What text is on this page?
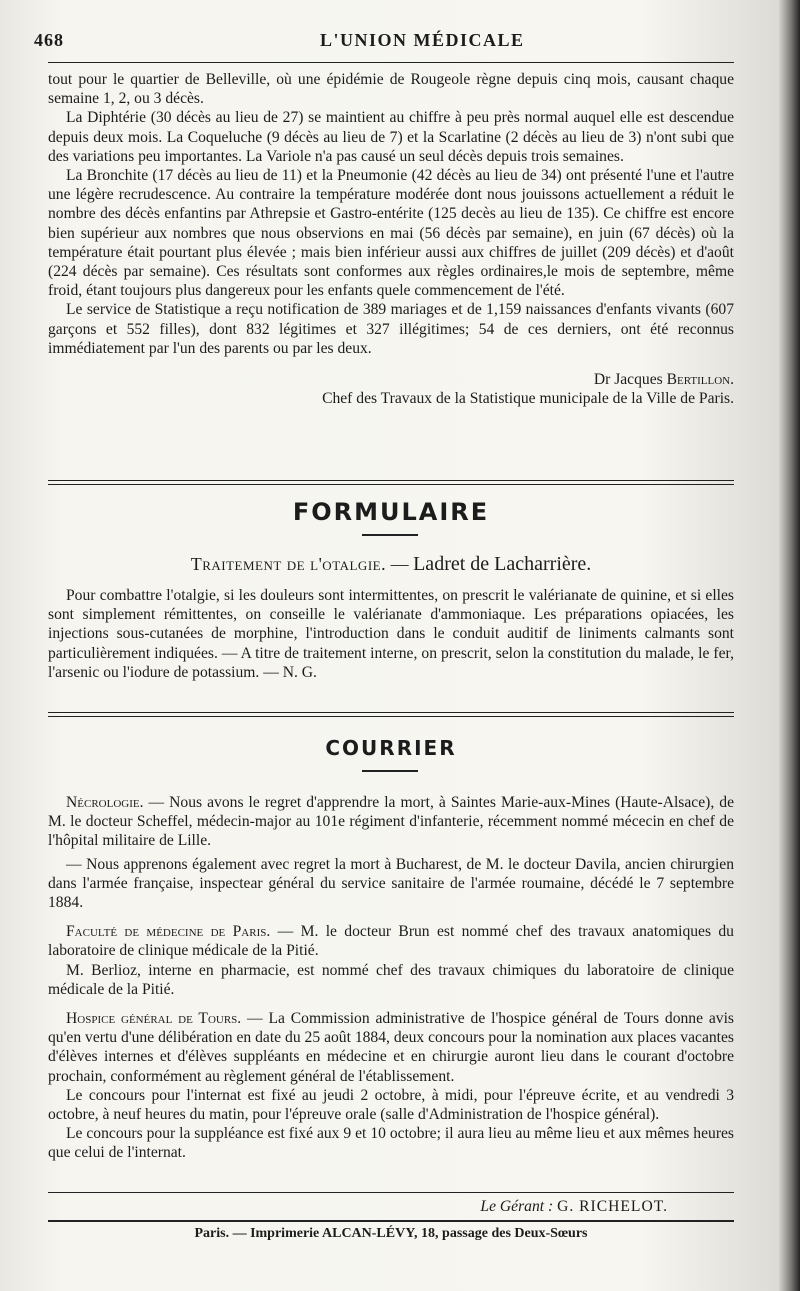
468	L'UNION MÉDICALE

tout pour le quartier de Belleville, où une épidémie de Rougeole règne depuis cinq mois, causant chaque semaine 1, 2, ou 3 décès.

La Diphtérie (30 décès au lieu de 27) se maintient au chiffre à peu près normal auquel elle est descendue depuis deux mois. La Coqueluche (9 décès au lieu de 7) et la Scarlatine (2 décès au lieu de 3) n'ont subi que des variations peu importantes. La Variole n'a pas causé un seul décès depuis trois semaines.

La Bronchite (17 décès au lieu de 11) et la Pneumonie (42 décès au lieu de 34) ont présenté l'une et l'autre une légère recrudescence. Au contraire la température modérée dont nous jouissons actuellement a réduit le nombre des décès enfantins par Athrepsie et Gastro-entérite (125 decès au lieu de 135). Ce chiffre est encore bien supérieur aux nombres que nous observions en mai (56 décès par semaine), en juin (67 décès) où la température était pourtant plus élevée ; mais bien inférieur aussi aux chiffres de juillet (209 décès) et d'août (224 décès par semaine). Ces résultats sont conformes aux règles ordinaires,le mois de septembre, même froid, étant toujours plus dangereux pour les enfants quele commencement de l'été.

Le service de Statistique a reçu notification de 389 mariages et de 1,159 naissances d'enfants vivants (607 garçons et 552 filles), dont 832 légitimes et 327 illégitimes; 54 de ces derniers, ont été reconnus immédiatement par l'un des parents ou par les deux.

Dr Jacques Bertillon.
Chef des Travaux de la Statistique municipale de la Ville de Paris.
FORMULAIRE
Traitement de l'otalgie. — Ladret de Lacharrière.

Pour combattre l'otalgie, si les douleurs sont intermittentes, on prescrit le valérianate de quinine, et si elles sont simplement rémittentes, on conseille le valérianate d'ammoniaque. Les préparations opiacées, les injections sous-cutanées de morphine, l'introduction dans le conduit auditif de liniments calmants sont particulièrement indiquées. — A titre de traitement interne, on prescrit, selon la constitution du malade, le fer, l'arsenic ou l'iodure de potassium. — N. G.

COURRIER

Nécrologie. — Nous avons le regret d'apprendre la mort, à Saintes Marie-aux-Mines (Haute-Alsace), de M. le docteur Scheffel, médecin-major au 101e régiment d'infanterie, récemment nommé mécecin en chef de l'hôpital militaire de Lille.

— Nous apprenons également avec regret la mort à Bucharest, de M. le docteur Davila, ancien chirurgien dans l'armée française, inspectear général du service sanitaire de l'armée roumaine, décédé le 7 septembre 1884.

Faculté de médecine de Paris. — M. le docteur Brun est nommé chef des travaux anatomiques du laboratoire de clinique médicale de la Pitié.

M. Berlioz, interne en pharmacie, est nommé chef des travaux chimiques du laboratoire de clinique médicale de la Pitié.

Hospice général de Tours. — La Commission administrative de l'hospice général de Tours donne avis qu'en vertu d'une délibération en date du 25 août 1884, deux concours pour la nomination aux places vacantes d'élèves internes et d'élèves suppléants en médecine et en chirurgie auront lieu dans le courant d'octobre prochain, conformément au règlement général de l'établissement.

Le concours pour l'internat est fixé au jeudi 2 octobre, à midi, pour l'épreuve écrite, et au vendredi 3 octobre, à neuf heures du matin, pour l'épreuve orale (salle d'Administration de l'hospice général).

Le concours pour la suppléance est fixé aux 9 et 10 octobre; il aura lieu au même lieu et aux mêmes heures que celui de l'internat.

Le Gérant : G. RICHELOT.
Paris. — Imprimerie ALCAN-LÉVY, 18, passage des Deux-Sœurs
